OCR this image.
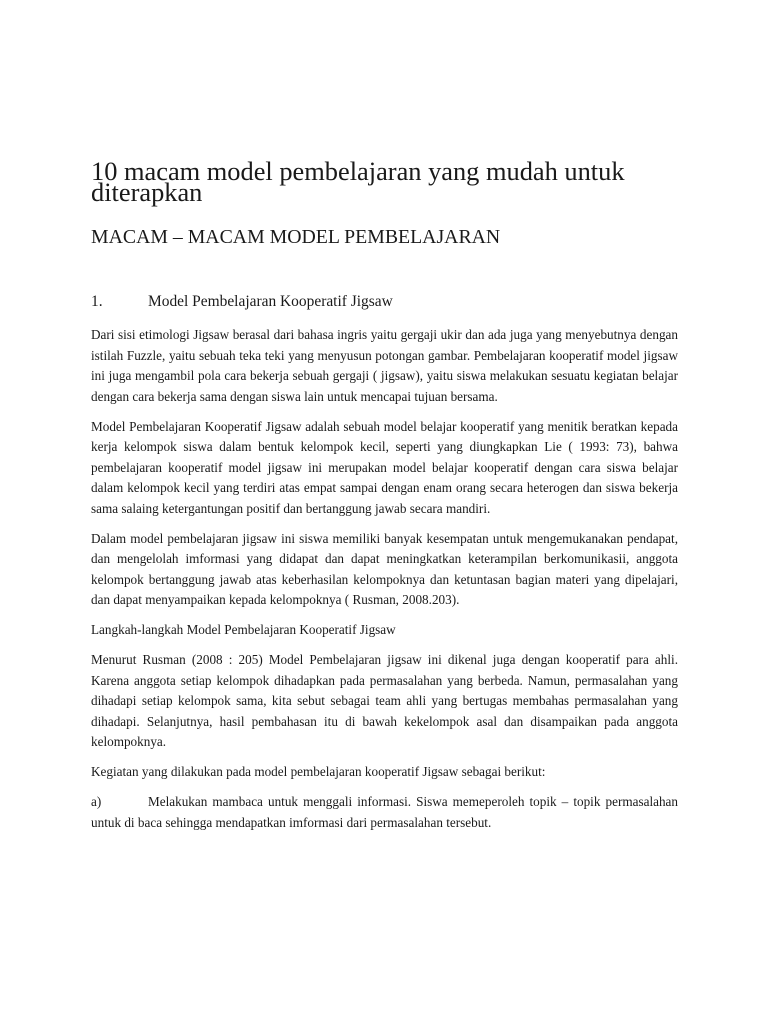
10 macam model pembelajaran yang mudah untuk diterapkan
MACAM – MACAM MODEL PEMBELAJARAN
1.	Model Pembelajaran Kooperatif Jigsaw

Dari sisi etimologi Jigsaw berasal dari bahasa ingris yaitu gergaji ukir dan ada juga yang menyebutnya dengan istilah Fuzzle, yaitu sebuah teka teki yang menyusun potongan gambar. Pembelajaran kooperatif model jigsaw ini juga mengambil pola cara bekerja sebuah gergaji ( jigsaw), yaitu siswa melakukan sesuatu kegiatan belajar dengan cara bekerja sama dengan siswa lain untuk mencapai tujuan bersama.

Model Pembelajaran Kooperatif Jigsaw adalah sebuah model belajar kooperatif yang menitik beratkan kepada kerja kelompok siswa dalam bentuk kelompok kecil, seperti yang diungkapkan Lie ( 1993: 73), bahwa pembelajaran kooperatif model jigsaw ini merupakan model belajar kooperatif dengan cara siswa belajar dalam kelompok kecil yang terdiri atas empat sampai dengan enam orang secara heterogen dan siswa bekerja sama salaing ketergantungan positif dan bertanggung jawab secara mandiri.

Dalam model pembelajaran jigsaw ini siswa memiliki banyak kesempatan untuk mengemukanakan pendapat, dan mengelolah imformasi yang didapat dan dapat meningkatkan keterampilan berkomunikasii, anggota kelompok bertanggung jawab atas keberhasilan kelompoknya dan ketuntasan bagian materi yang dipelajari, dan dapat menyampaikan kepada kelompoknya ( Rusman, 2008.203).

Langkah-langkah Model Pembelajaran Kooperatif Jigsaw

Menurut Rusman (2008 : 205) Model Pembelajaran jigsaw ini dikenal juga dengan kooperatif para ahli. Karena anggota setiap kelompok dihadapkan pada permasalahan yang berbeda. Namun, permasalahan yang dihadapi setiap kelompok sama, kita sebut sebagai team ahli yang bertugas membahas permasalahan yang dihadapi. Selanjutnya, hasil pembahasan itu di bawah kekelompok asal dan disampaikan pada anggota kelompoknya.

Kegiatan yang dilakukan pada model pembelajaran kooperatif Jigsaw sebagai berikut:

a)	Melakukan mambaca untuk menggali informasi. Siswa memeperoleh topik – topik permasalahan untuk di baca sehingga mendapatkan imformasi dari permasalahan tersebut.
